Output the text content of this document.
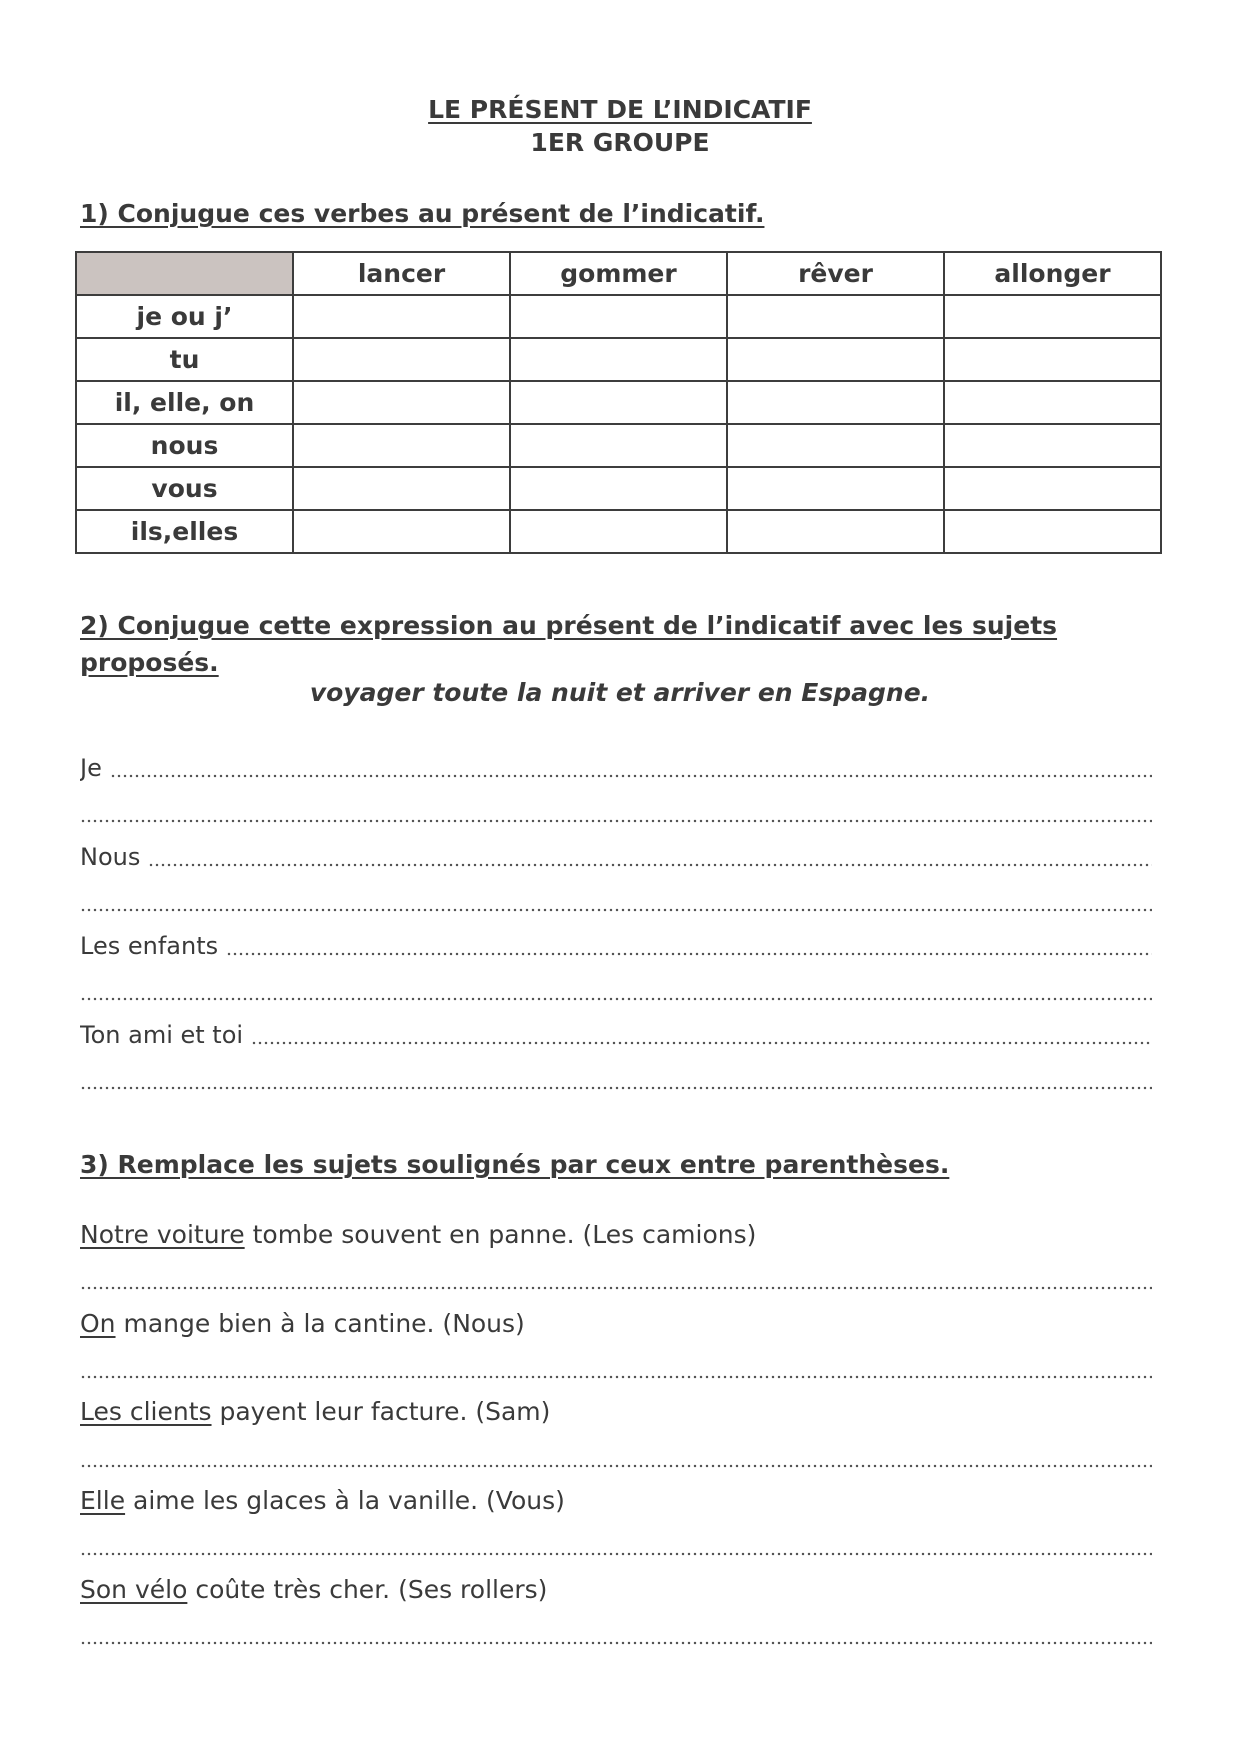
LE PRÉSENT DE L’INDICATIF
1ER GROUPE
1) Conjugue ces verbes au présent de l’indicatif.
	lancer	gommer	rêver	allonger
je ou j’				
tu				
il, elle, on				
nous				
vous				
ils,elles				
2) Conjugue cette expression au présent de l’indicatif avec les sujets proposés.
voyager toute la nuit et arriver en Espagne.
Je
Nous
Les enfants
Ton ami et toi
3) Remplace les sujets soulignés par ceux entre parenthèses.
Notre voiture tombe souvent en panne. (Les camions)
On mange bien à la cantine. (Nous)
Les clients payent leur facture. (Sam)
Elle aime les glaces à la vanille. (Vous)
Son vélo coûte très cher. (Ses rollers)
